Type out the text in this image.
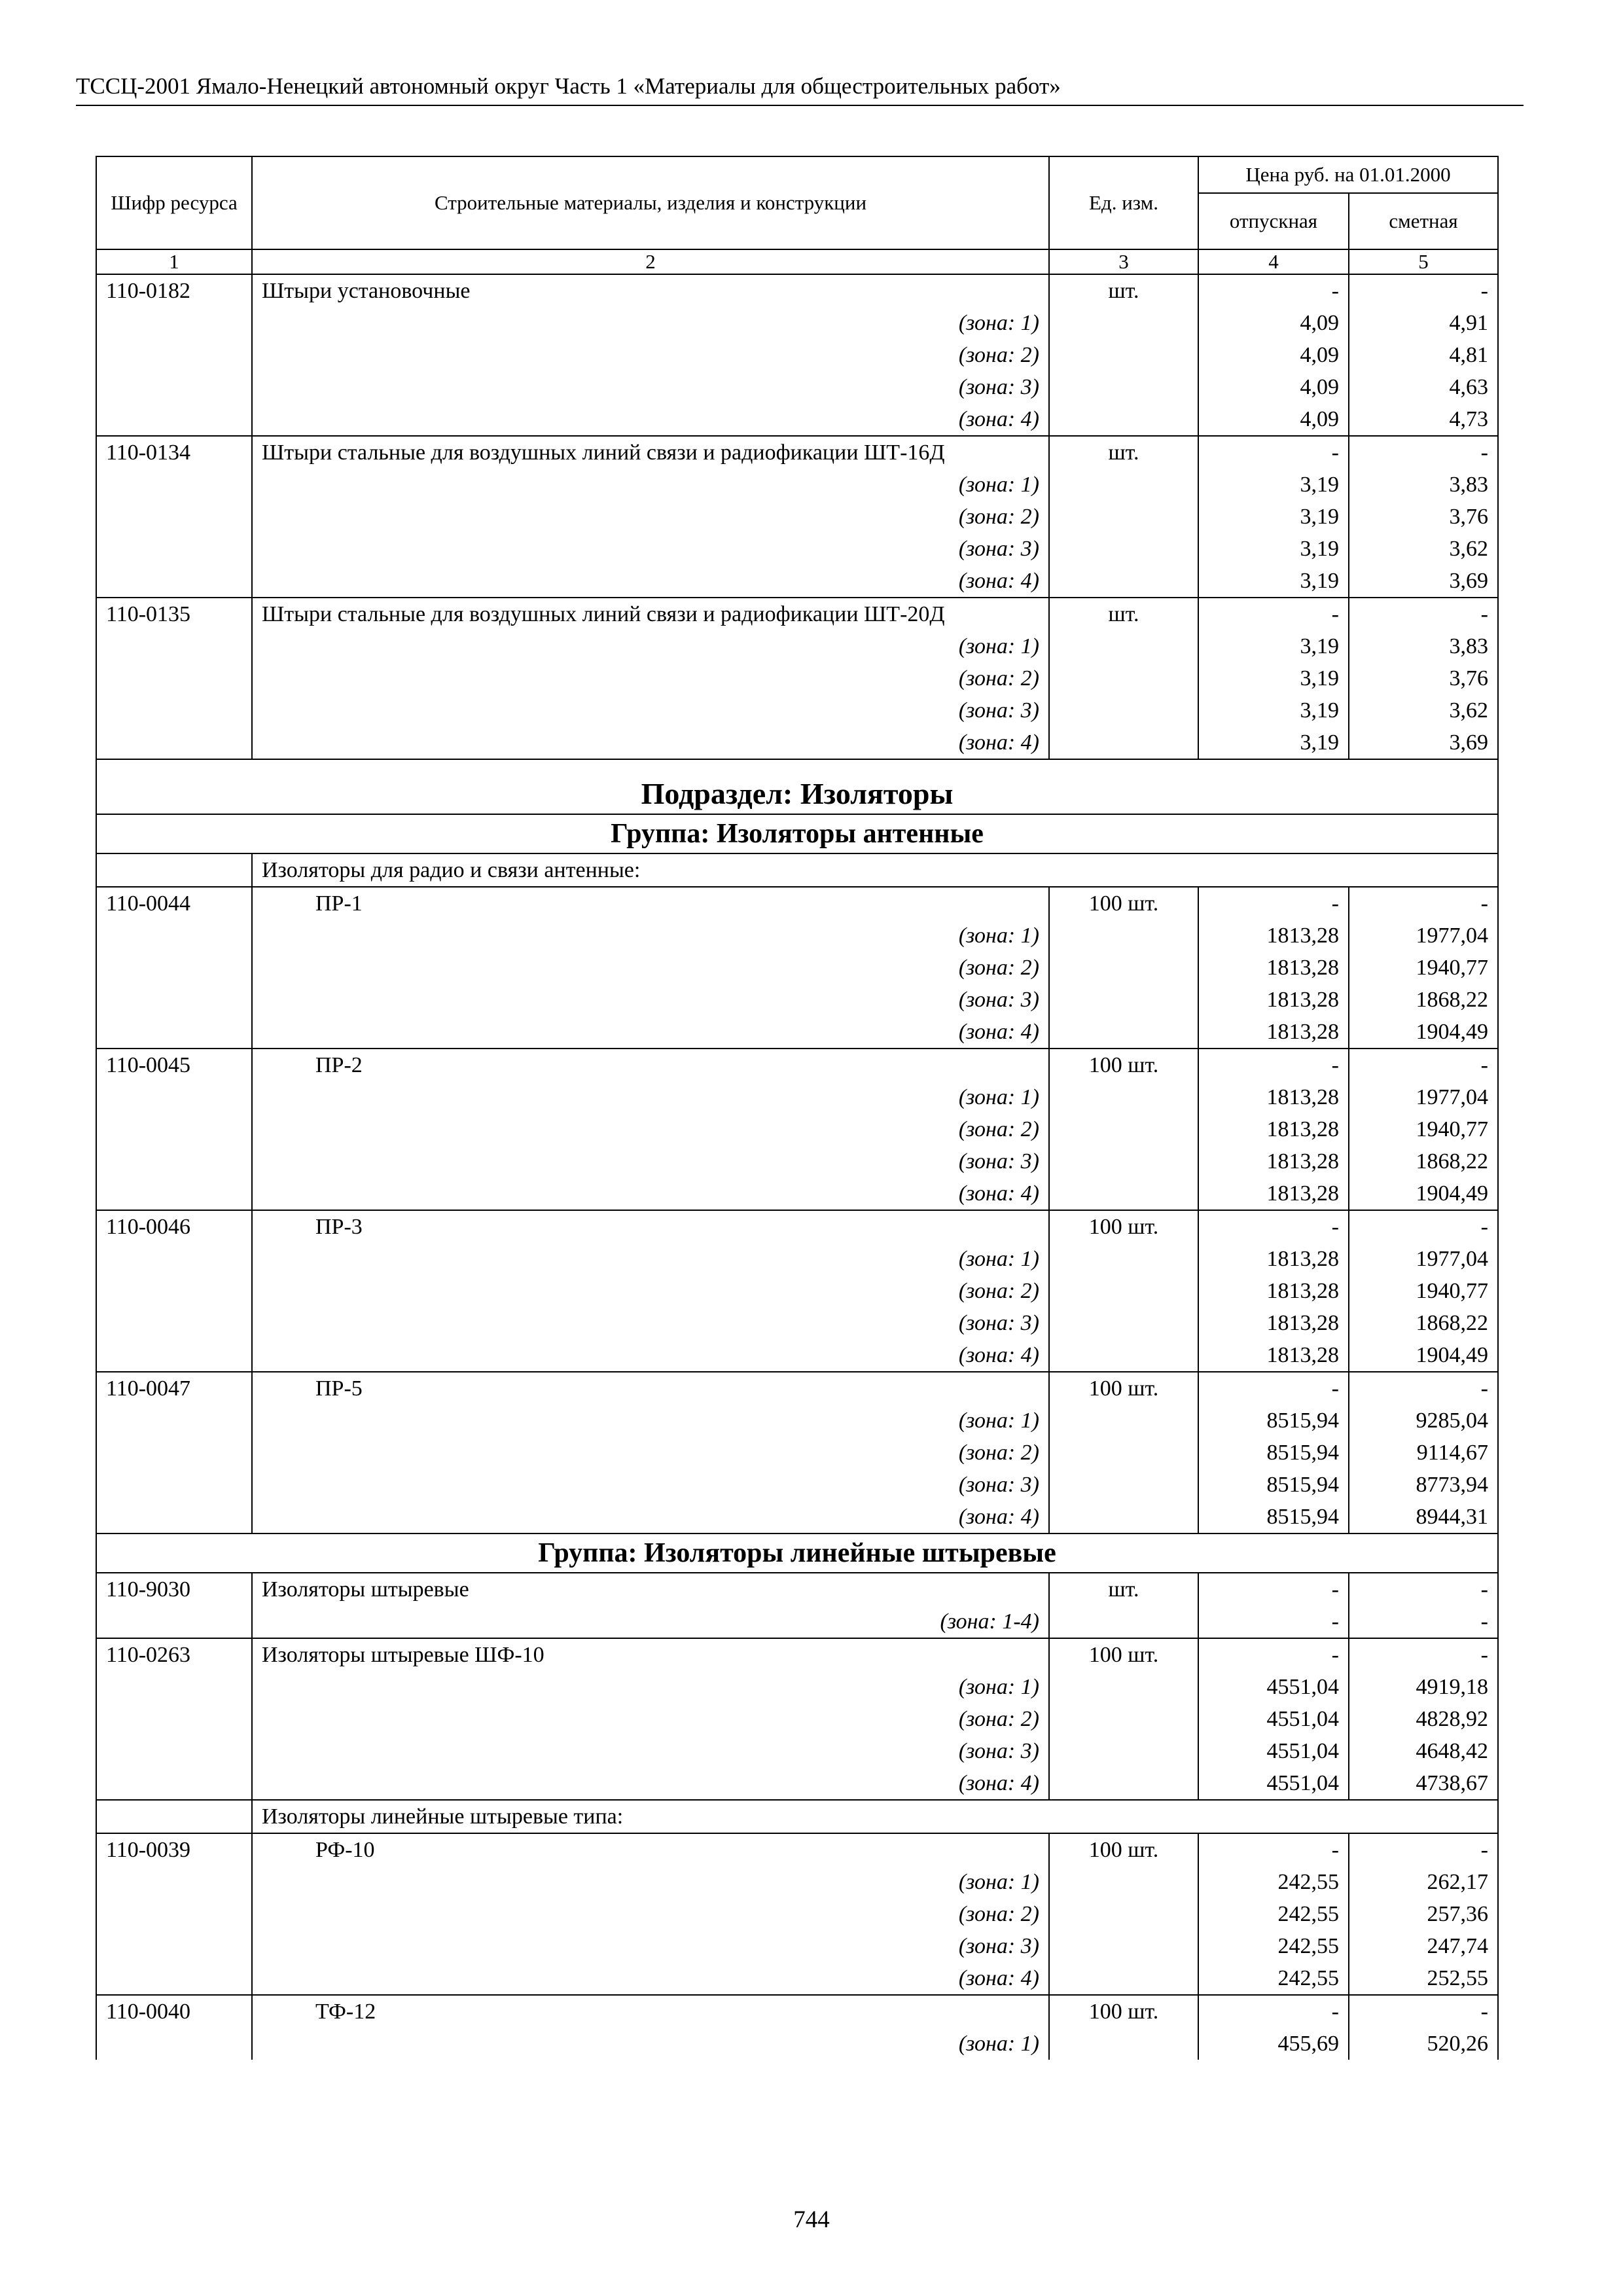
ТССЦ-2001 Ямало-Ненецкий автономный округ Часть 1 «Материалы для общестроительных работ»
Шифр ресурса	Строительные материалы, изделия и конструкции	Ед. изм.	Цена руб. на 01.01.2000	
			отпускная	сметная
1	2	3	4	5
110-0182	Штыри установочные	шт.	-	-
	(зона: 1)		4,09	4,91
	(зона: 2)		4,09	4,81
	(зона: 3)		4,09	4,63
	(зона: 4)		4,09	4,73
110-0134	Штыри стальные для воздушных линий связи и радиофикации ШТ-16Д	шт.	-	-
	(зона: 1)		3,19	3,83
	(зона: 2)		3,19	3,76
	(зона: 3)		3,19	3,62
	(зона: 4)		3,19	3,69
110-0135	Штыри стальные для воздушных линий связи и радиофикации ШТ-20Д	шт.	-	-
	(зона: 1)		3,19	3,83
	(зона: 2)		3,19	3,76
	(зона: 3)		3,19	3,62
	(зона: 4)		3,19	3,69
Подраздел: Изоляторы				
Группа: Изоляторы антенные				
	Изоляторы для радио и связи антенные:			
110-0044	ПР-1	100 шт.	-	-
	(зона: 1)		1813,28	1977,04
	(зона: 2)		1813,28	1940,77
	(зона: 3)		1813,28	1868,22
	(зона: 4)		1813,28	1904,49
110-0045	ПР-2	100 шт.	-	-
	(зона: 1)		1813,28	1977,04
	(зона: 2)		1813,28	1940,77
	(зона: 3)		1813,28	1868,22
	(зона: 4)		1813,28	1904,49
110-0046	ПР-3	100 шт.	-	-
	(зона: 1)		1813,28	1977,04
	(зона: 2)		1813,28	1940,77
	(зона: 3)		1813,28	1868,22
	(зона: 4)		1813,28	1904,49
110-0047	ПР-5	100 шт.	-	-
	(зона: 1)		8515,94	9285,04
	(зона: 2)		8515,94	9114,67
	(зона: 3)		8515,94	8773,94
	(зона: 4)		8515,94	8944,31
Группа: Изоляторы линейные штыревые				
110-9030	Изоляторы штыревые	шт.	-	-
	(зона: 1-4)		-	-
110-0263	Изоляторы штыревые ШФ-10	100 шт.	-	-
	(зона: 1)		4551,04	4919,18
	(зона: 2)		4551,04	4828,92
	(зона: 3)		4551,04	4648,42
	(зона: 4)		4551,04	4738,67
	Изоляторы линейные штыревые типа:			
110-0039	РФ-10	100 шт.	-	-
	(зона: 1)		242,55	262,17
	(зона: 2)		242,55	257,36
	(зона: 3)		242,55	247,74
	(зона: 4)		242,55	252,55
110-0040	ТФ-12	100 шт.	-	-
	(зона: 1)		455,69	520,26
744
